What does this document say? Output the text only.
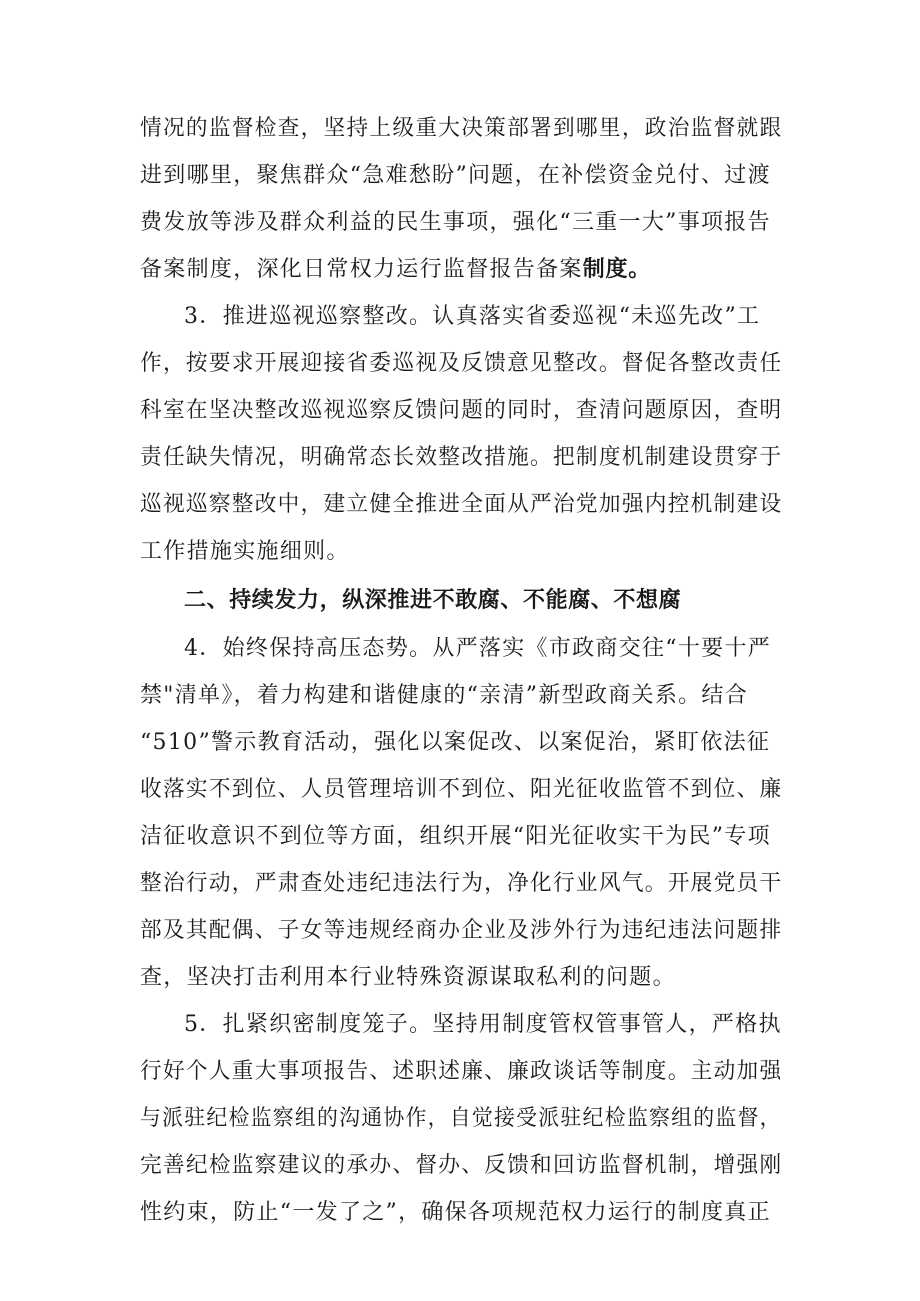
情况的监督检查，坚持上级重大决策部署到哪里，政治监督就跟
进到哪里，聚焦群众“急难愁盼”问题，在补偿资金兑付、过渡
费发放等涉及群众利益的民生事项，强化“三重一大”事项报告
备案制度，深化日常权力运行监督报告备案制度。
3．推进巡视巡察整改。认真落实省委巡视“未巡先改”工
作，按要求开展迎接省委巡视及反馈意见整改。督促各整改责任
科室在坚决整改巡视巡察反馈问题的同时，查清问题原因，查明
责任缺失情况，明确常态长效整改措施。把制度机制建设贯穿于
巡视巡察整改中，建立健全推进全面从严治党加强内控机制建设
工作措施实施细则。
二、持续发力，纵深推进不敢腐、不能腐、不想腐
4．始终保持高压态势。从严落实《市政商交往“十要十严
禁"清单》，着力构建和谐健康的“亲清”新型政商关系。结合
“510”警示教育活动，强化以案促改、以案促治，紧盯依法征
收落实不到位、人员管理培训不到位、阳光征收监管不到位、廉
洁征收意识不到位等方面，组织开展“阳光征收实干为民”专项
整治行动，严肃查处违纪违法行为，净化行业风气。开展党员干
部及其配偶、子女等违规经商办企业及涉外行为违纪违法问题排
查，坚决打击利用本行业特殊资源谋取私利的问题。
5．扎紧织密制度笼子。坚持用制度管权管事管人，严格执
行好个人重大事项报告、述职述廉、廉政谈话等制度。主动加强
与派驻纪检监察组的沟通协作，自觉接受派驻纪检监察组的监督，
完善纪检监察建议的承办、督办、反馈和回访监督机制，增强刚
性约束，防止“一发了之”，确保各项规范权力运行的制度真正
